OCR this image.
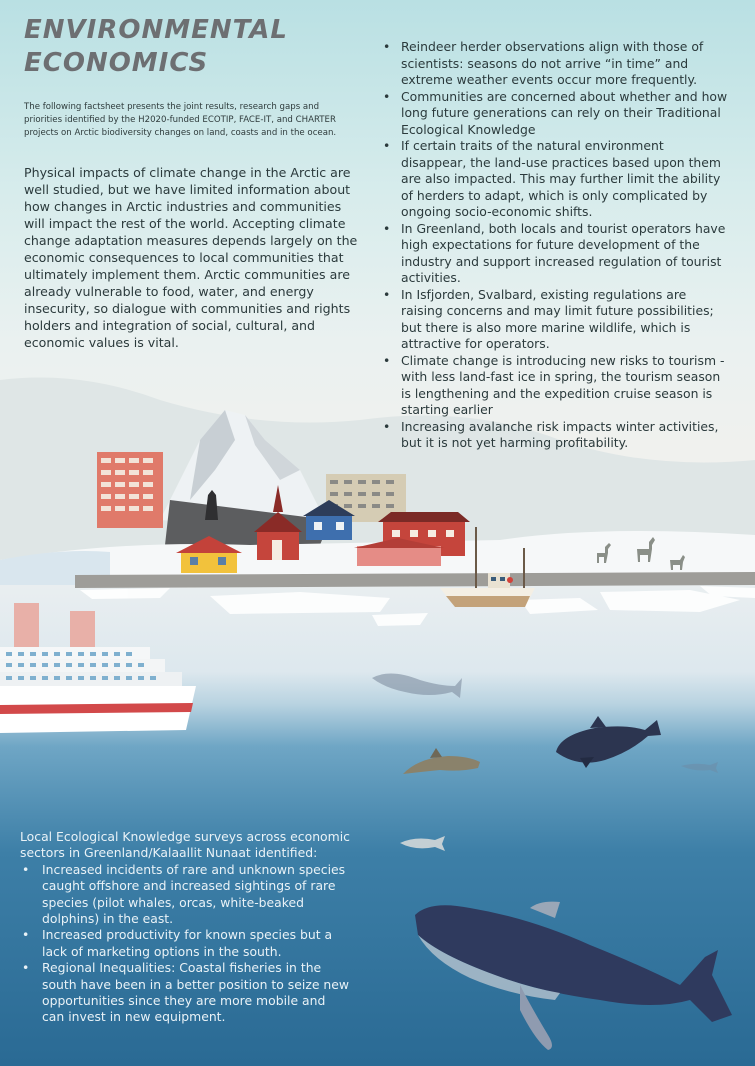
ENVIRONMENTAL
ECONOMICS

The following factsheet presents the joint results, research gaps and priorities identified by the H2020-funded ECOTIP, FACE-IT, and CHARTER projects on Arctic biodiversity changes on land, coasts and in the ocean.

Physical impacts of climate change in the Arctic are well studied, but we have limited information about how changes in Arctic industries and communities will impact the rest of the world. Accepting climate change adaptation measures depends largely on the economic consequences to local communities that ultimately implement them. Arctic communities are already vulnerable to food, water, and energy insecurity, so dialogue with communities and rights holders and integration of social, cultural, and economic values is vital.

• Reindeer herder observations align with those of scientists: seasons do not arrive “in time” and extreme weather events occur more frequently.
• Communities are concerned about whether and how long future generations can rely on their Traditional Ecological Knowledge
• If certain traits of the natural environment disappear, the land-use practices based upon them are also impacted. This may further limit the ability of herders to adapt, which is only complicated by ongoing socio-economic shifts.
• In Greenland, both locals and tourist operators have high expectations for future development of the industry and support increased regulation of tourist activities.
• In Isfjorden, Svalbard, existing regulations are raising concerns and may limit future possibilities; but there is also more marine wildlife, which is attractive for operators.
• Climate change is introducing new risks to tourism - with less land-fast ice in spring, the tourism season is lengthening and the expedition cruise season is starting earlier
• Increasing avalanche risk impacts winter activities, but it is not yet harming profitability.
Local Ecological Knowledge surveys across economic sectors in Greenland/Kalaallit Nunaat identified:
• Increased incidents of rare and unknown species caught offshore and increased sightings of rare species (pilot whales, orcas, white-beaked dolphins) in the east.
• Increased productivity for known species but a lack of marketing options in the south.
• Regional Inequalities: Coastal fisheries in the south have been in a better position to seize new opportunities since they are more mobile and can invest in new equipment.
